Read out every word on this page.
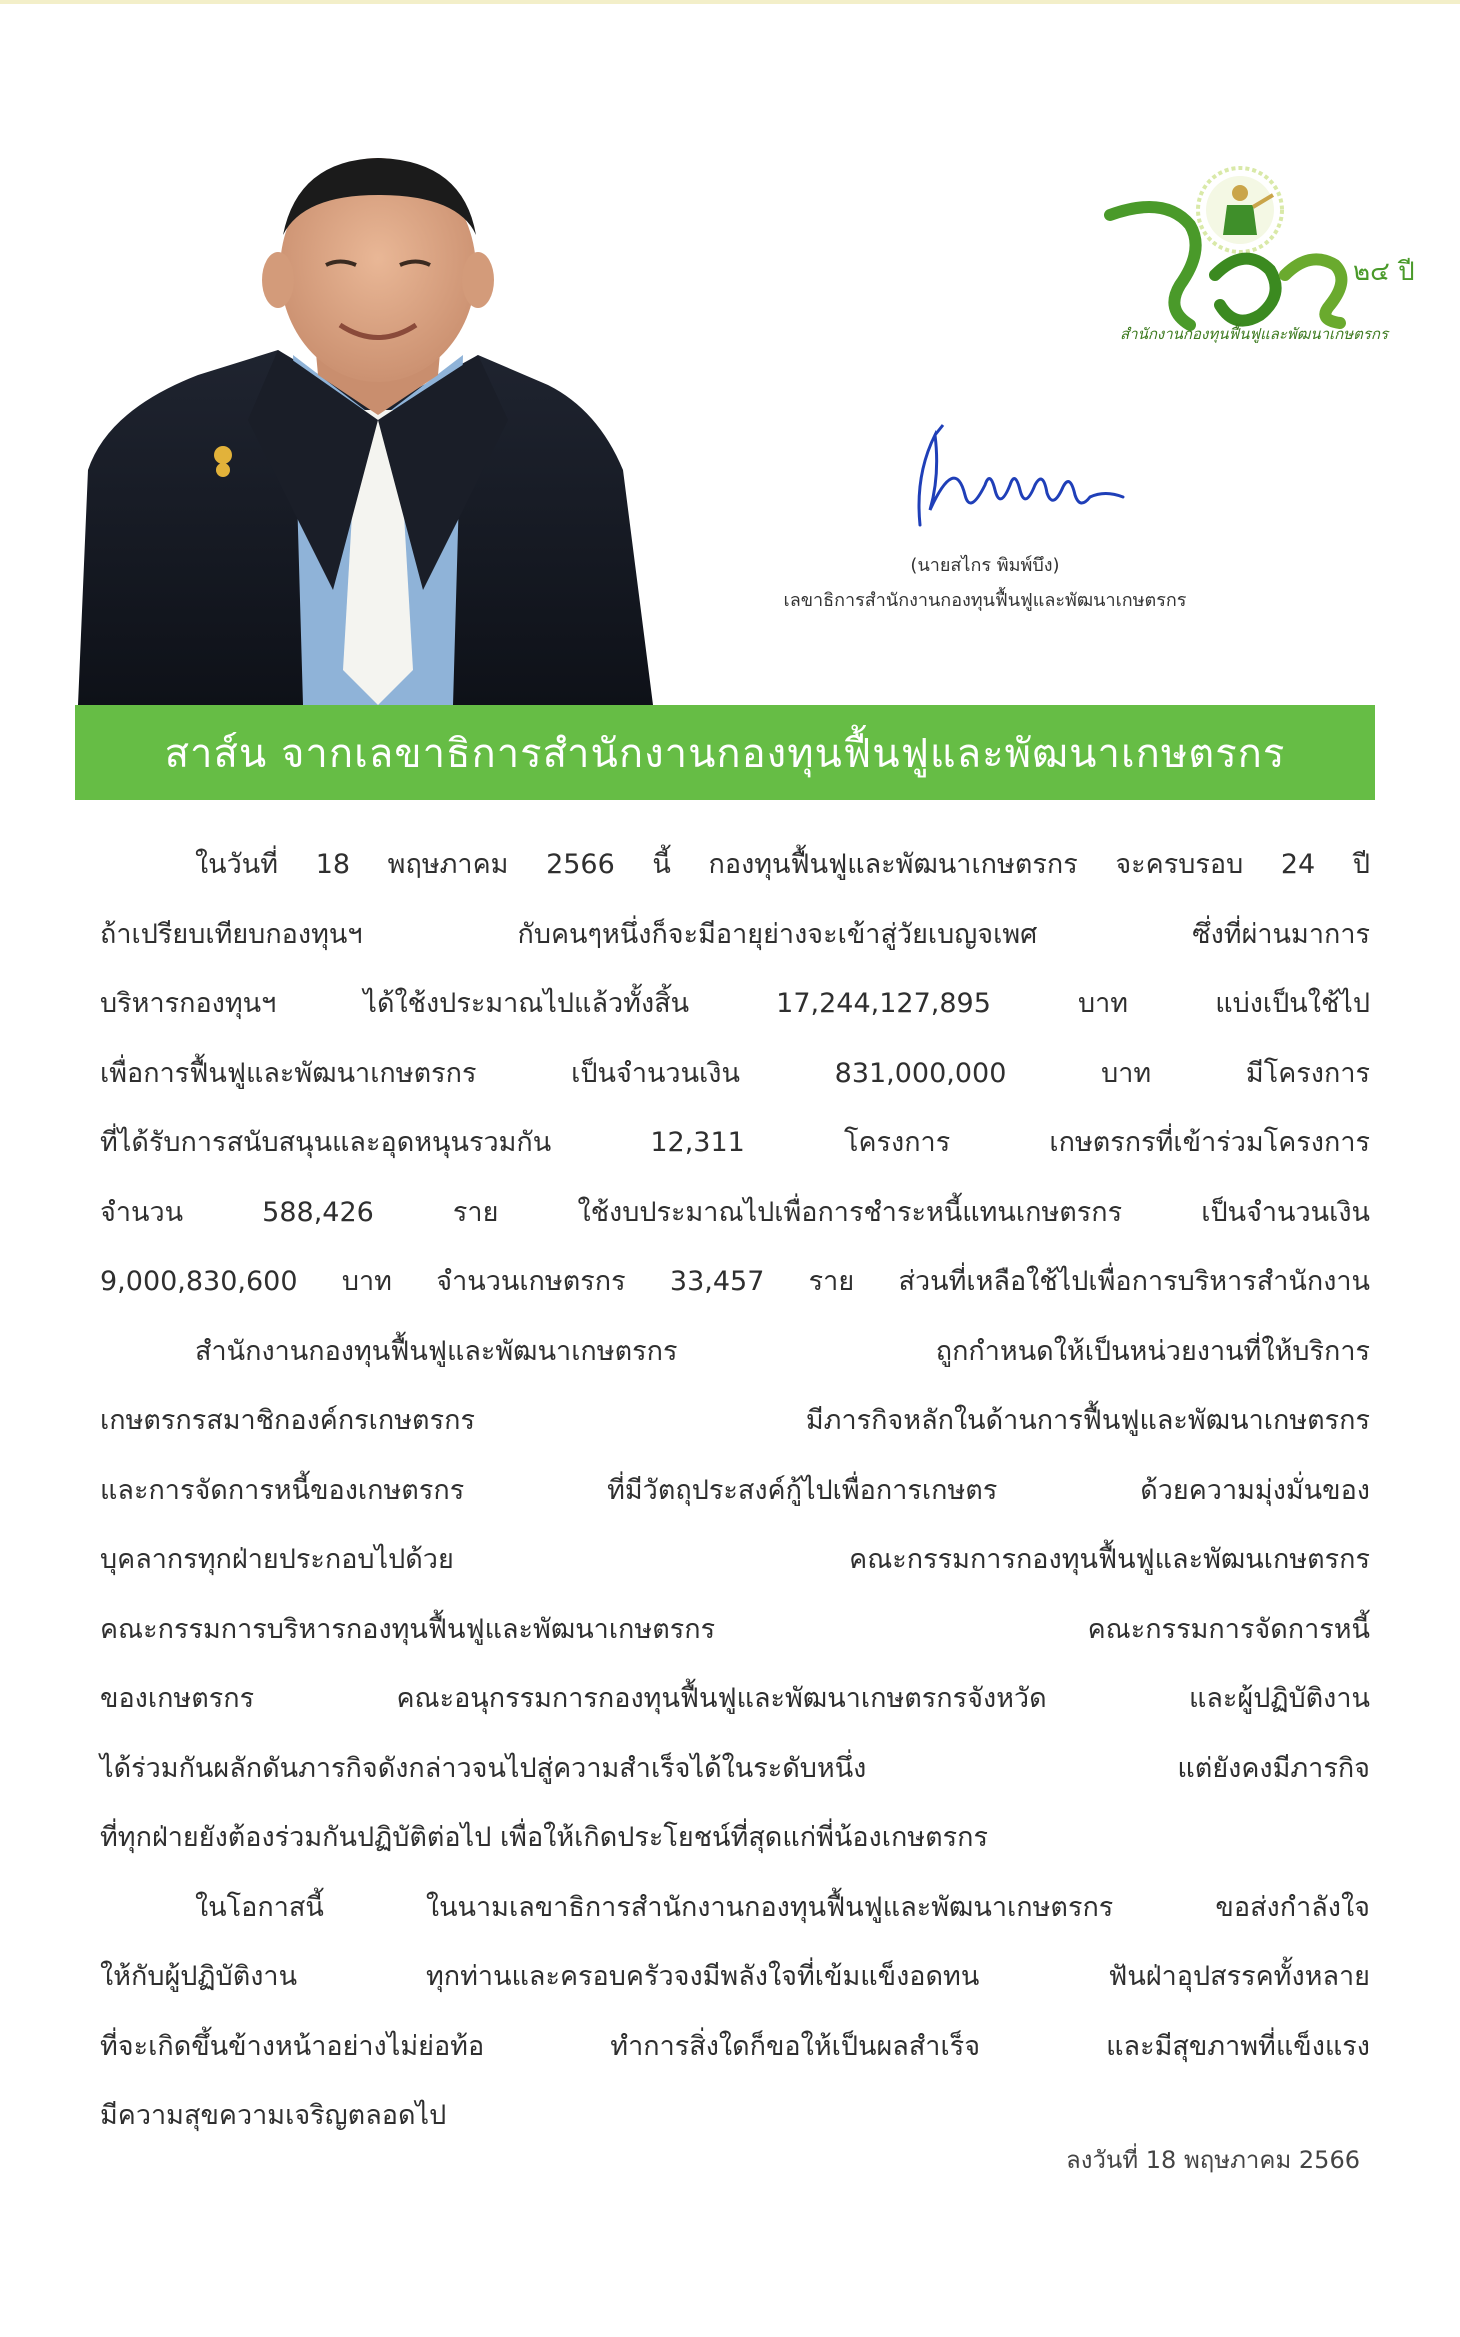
๒๔ ปี
สำนักงานกองทุนฟื้นฟูและพัฒนาเกษตรกร
(นายสไกร พิมพ์บึง)
เลขาธิการสำนักงานกองทุนฟื้นฟูและพัฒนาเกษตรกร
สาส์น จากเลขาธิการสำนักงานกองทุนฟื้นฟูและพัฒนาเกษตรกร
ในวันที่ 18 พฤษภาคม 2566 นี้ กองทุนฟื้นฟูและพัฒนาเกษตรกร จะครบรอบ 24 ปี
ถ้าเปรียบเทียบกองทุนฯ กับคนๆหนึ่งก็จะมีอายุย่างจะเข้าสู่วัยเบญจเพศ ซึ่งที่ผ่านมาการ
บริหารกองทุนฯ ได้ใช้งประมาณไปแล้วทั้งสิ้น 17,244,127,895 บาท แบ่งเป็นใช้ไป
เพื่อการฟื้นฟูและพัฒนาเกษตรกร เป็นจำนวนเงิน 831,000,000 บาท มีโครงการ
ที่ได้รับการสนับสนุนและอุดหนุนรวมกัน 12,311 โครงการ เกษตรกรที่เข้าร่วมโครงการ
จำนวน 588,426 ราย ใช้งบประมาณไปเพื่อการชำระหนี้แทนเกษตรกร เป็นจำนวนเงิน
9,000,830,600 บาท จำนวนเกษตรกร 33,457 ราย ส่วนที่เหลือใช้ไปเพื่อการบริหารสำนักงาน
สำนักงานกองทุนฟื้นฟูและพัฒนาเกษตรกร ถูกกำหนดให้เป็นหน่วยงานที่ให้บริการ
เกษตรกรสมาชิกองค์กรเกษตรกร มีภารกิจหลักในด้านการฟื้นฟูและพัฒนาเกษตรกร
และการจัดการหนี้ของเกษตรกร ที่มีวัตถุประสงค์กู้ไปเพื่อการเกษตร ด้วยความมุ่งมั่นของ
บุคลากรทุกฝ่ายประกอบไปด้วย คณะกรรมการกองทุนฟื้นฟูและพัฒนเกษตรกร
คณะกรรมการบริหารกองทุนฟื้นฟูและพัฒนาเกษตรกร คณะกรรมการจัดการหนี้
ของเกษตรกร คณะอนุกรรมการกองทุนฟื้นฟูและพัฒนาเกษตรกรจังหวัด และผู้ปฏิบัติงาน
ได้ร่วมกันผลักดันภารกิจดังกล่าวจนไปสู่ความสำเร็จได้ในระดับหนึ่ง แต่ยังคงมีภารกิจ
ที่ทุกฝ่ายยังต้องร่วมกันปฏิบัติต่อไป เพื่อให้เกิดประโยชน์ที่สุดแก่พี่น้องเกษตรกร
ในโอกาสนี้ ในนามเลขาธิการสำนักงานกองทุนฟื้นฟูและพัฒนาเกษตรกร ขอส่งกำลังใจ
ให้กับผู้ปฏิบัติงาน ทุกท่านและครอบครัวจงมีพลังใจที่เข้มแข็งอดทน ฟันฝ่าอุปสรรคทั้งหลาย
ที่จะเกิดขึ้นข้างหน้าอย่างไม่ย่อท้อ ทำการสิ่งใดก็ขอให้เป็นผลสำเร็จ และมีสุขภาพที่แข็งแรง
มีความสุขความเจริญตลอดไป
ลงวันที่ 18 พฤษภาคม 2566
